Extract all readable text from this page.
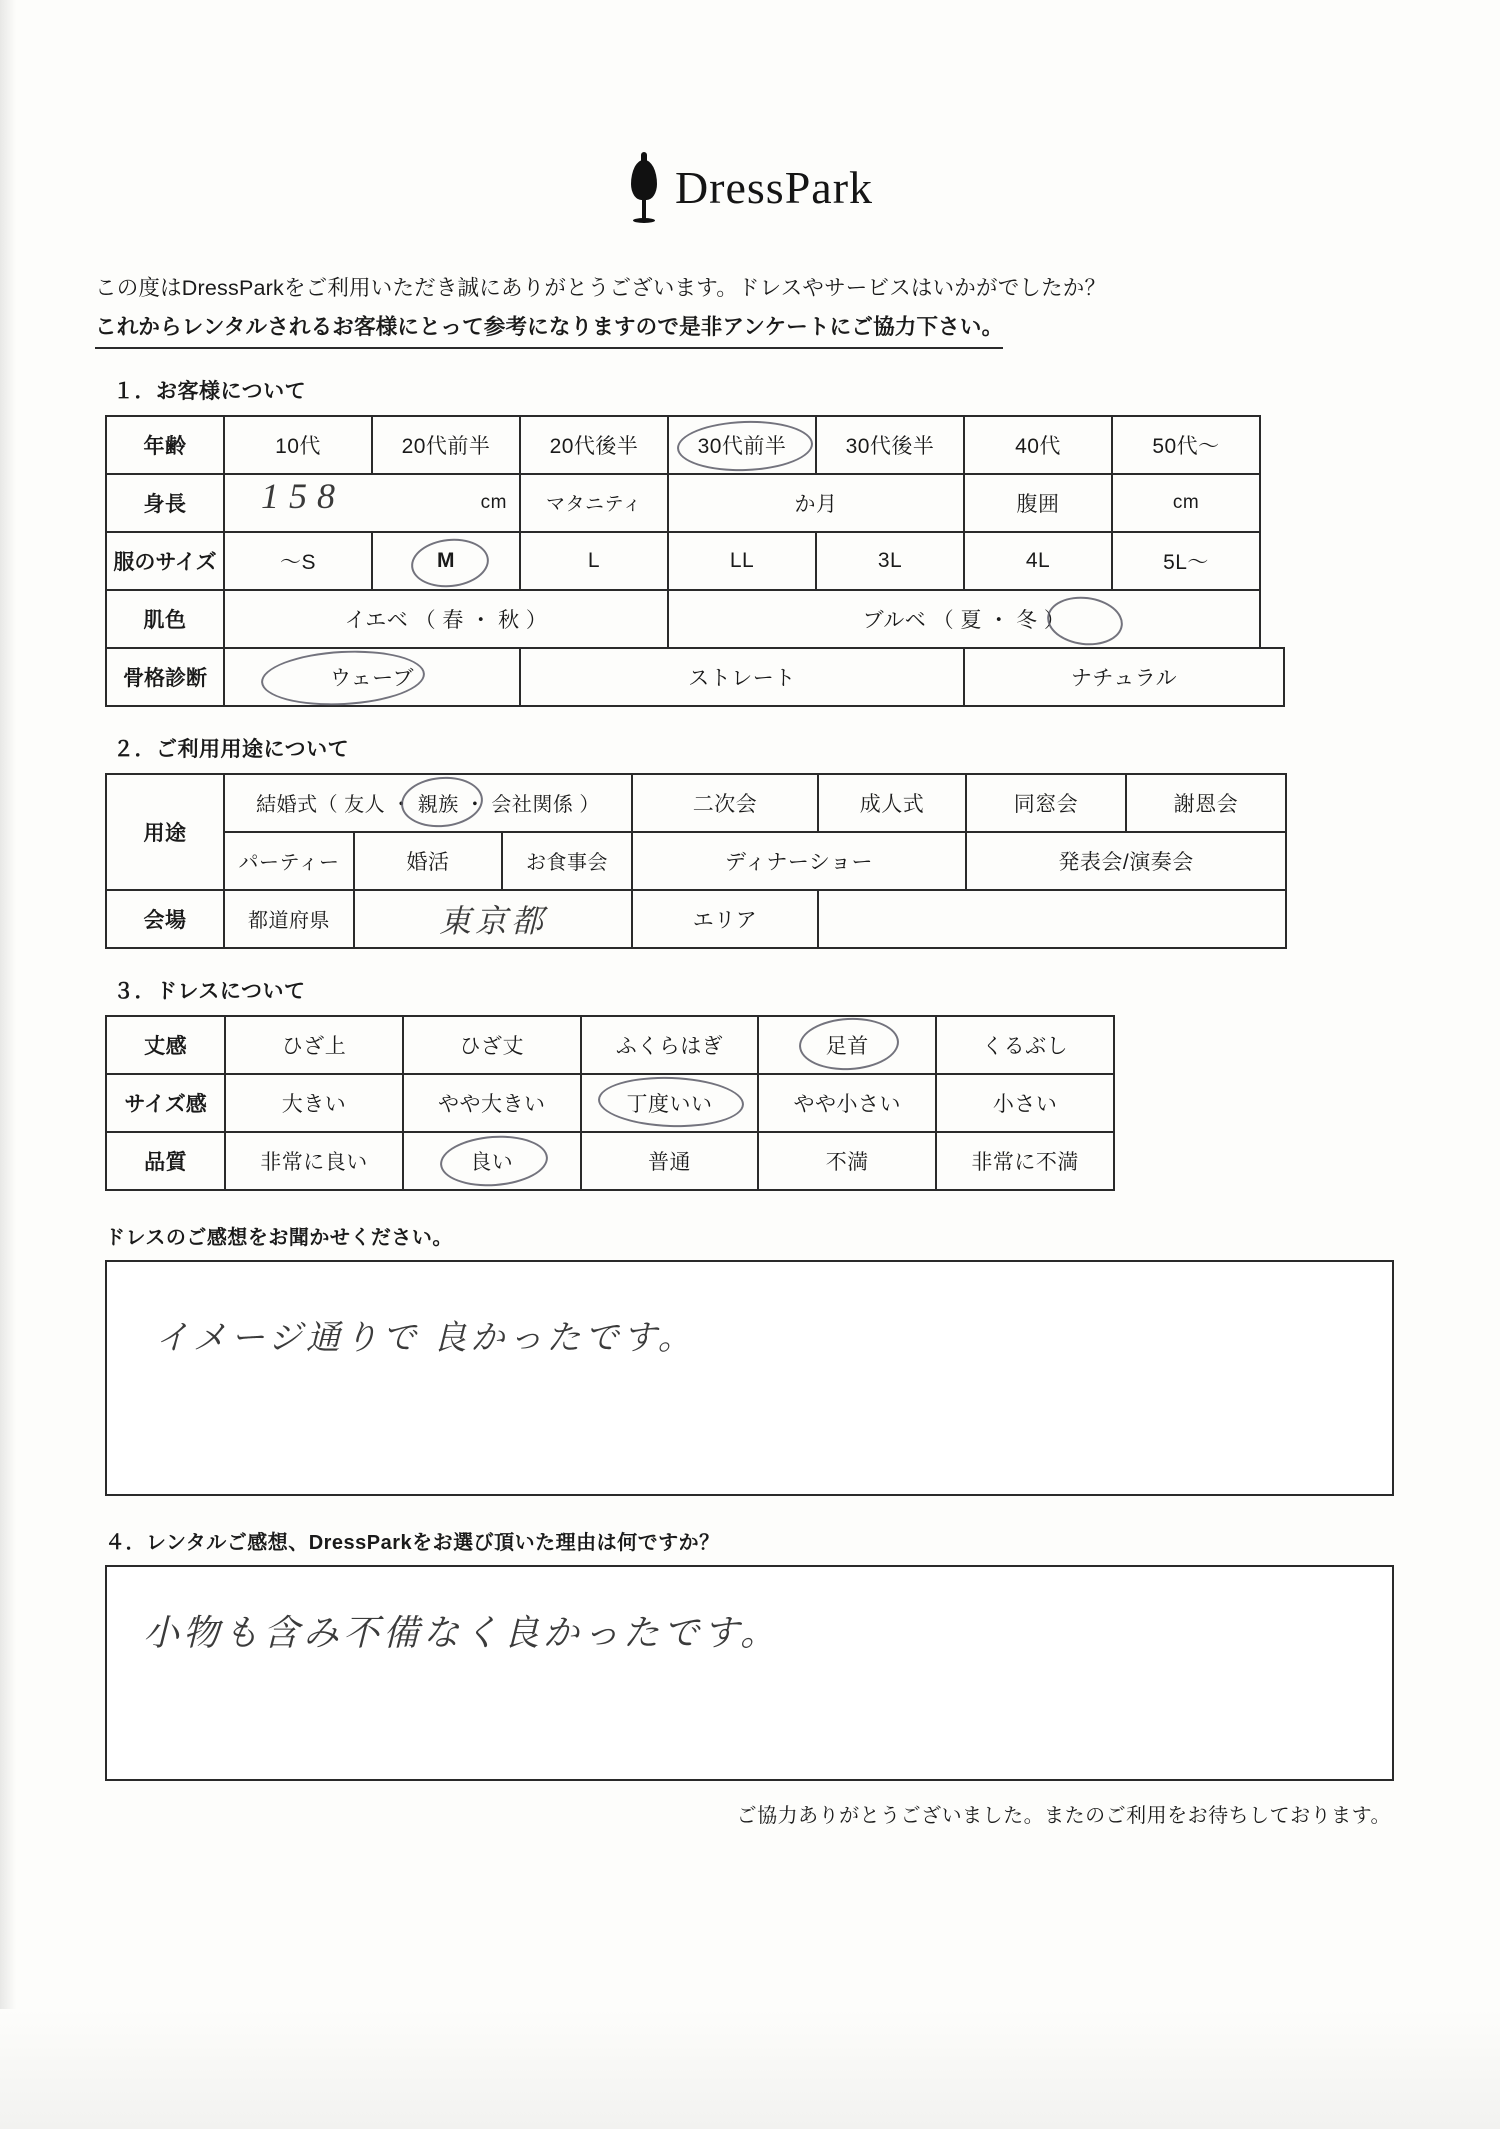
DressPark
この度はDressParkをご利用いただき誠にありがとうございます。ドレスやサービスはいかがでしたか？
これからレンタルされるお客様にとって参考になりますので是非アンケートにご協力下さい。
１．お客様について
年齢	10代	20代前半	20代後半	30代前半	30代後半	40代	50代～
身長	158 cm		マタニティ	か月		腹囲	cm
服のサイズ	～S	M	L	LL	3L	4L	5L～
肌色	イエベ （ 春 ・ 秋 ）			ブルベ （ 夏 ・ 冬 ）			

骨格診断	ウェーブ		ストレート			ナチュラル	
２．ご利用用途について
用途	結婚式（ 友人 ・ 親族 ・ 会社関係 ）			二次会	成人式	同窓会	謝恩会
	パーティー	婚活	お食事会	ディナーショー		発表会/演奏会	
会場	都道府県	東京都		エリア			
３．ドレスについて
丈感	ひざ上	ひざ丈	ふくらはぎ	足首	くるぶし
サイズ感	大きい	やや大きい	丁度いい	やや小さい	小さい
品質	非常に良い	良い	普通	不満	非常に不満
ドレスのご感想をお聞かせください。
イメージ通りで 良かったです。
４．レンタルご感想、DressParkをお選び頂いた理由は何ですか？
小物も含み不備なく良かったです。
ご協力ありがとうございました。またのご利用をお待ちしております。
